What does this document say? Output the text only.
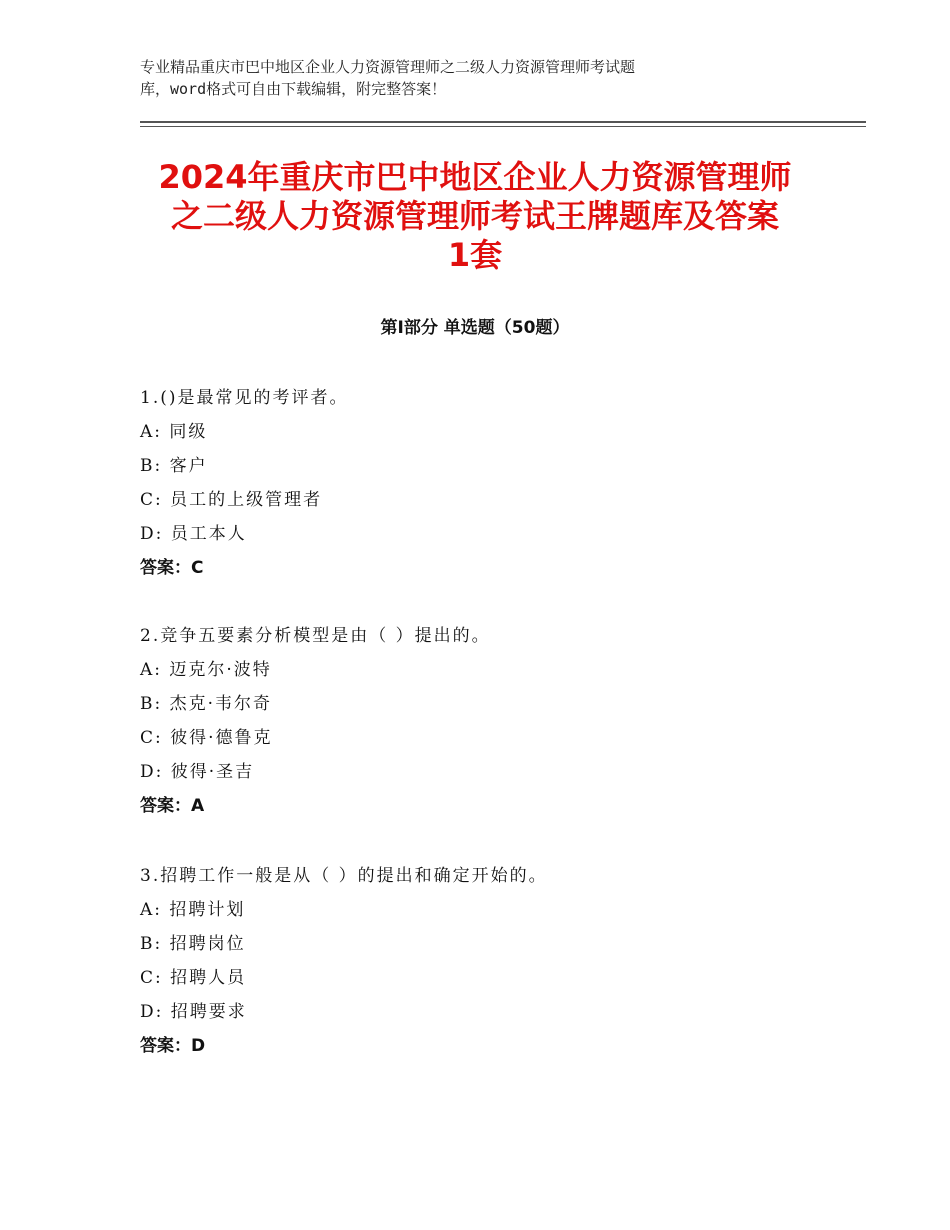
专业精品重庆市巴中地区企业人力资源管理师之二级人力资源管理师考试题
库，word格式可自由下载编辑，附完整答案！
2024年重庆市巴中地区企业人力资源管理师
之二级人力资源管理师考试王牌题库及答案
1套
第Ⅰ部分 单选题（50题）
1.()是最常见的考评者。
A: 同级
B: 客户
C: 员工的上级管理者
D: 员工本人
答案：C
2.竞争五要素分析模型是由（ ）提出的。
A: 迈克尔·波特
B: 杰克·韦尔奇
C: 彼得·德鲁克
D: 彼得·圣吉
答案：A
3.招聘工作一般是从（ ）的提出和确定开始的。
A: 招聘计划
B: 招聘岗位
C: 招聘人员
D: 招聘要求
答案：D
